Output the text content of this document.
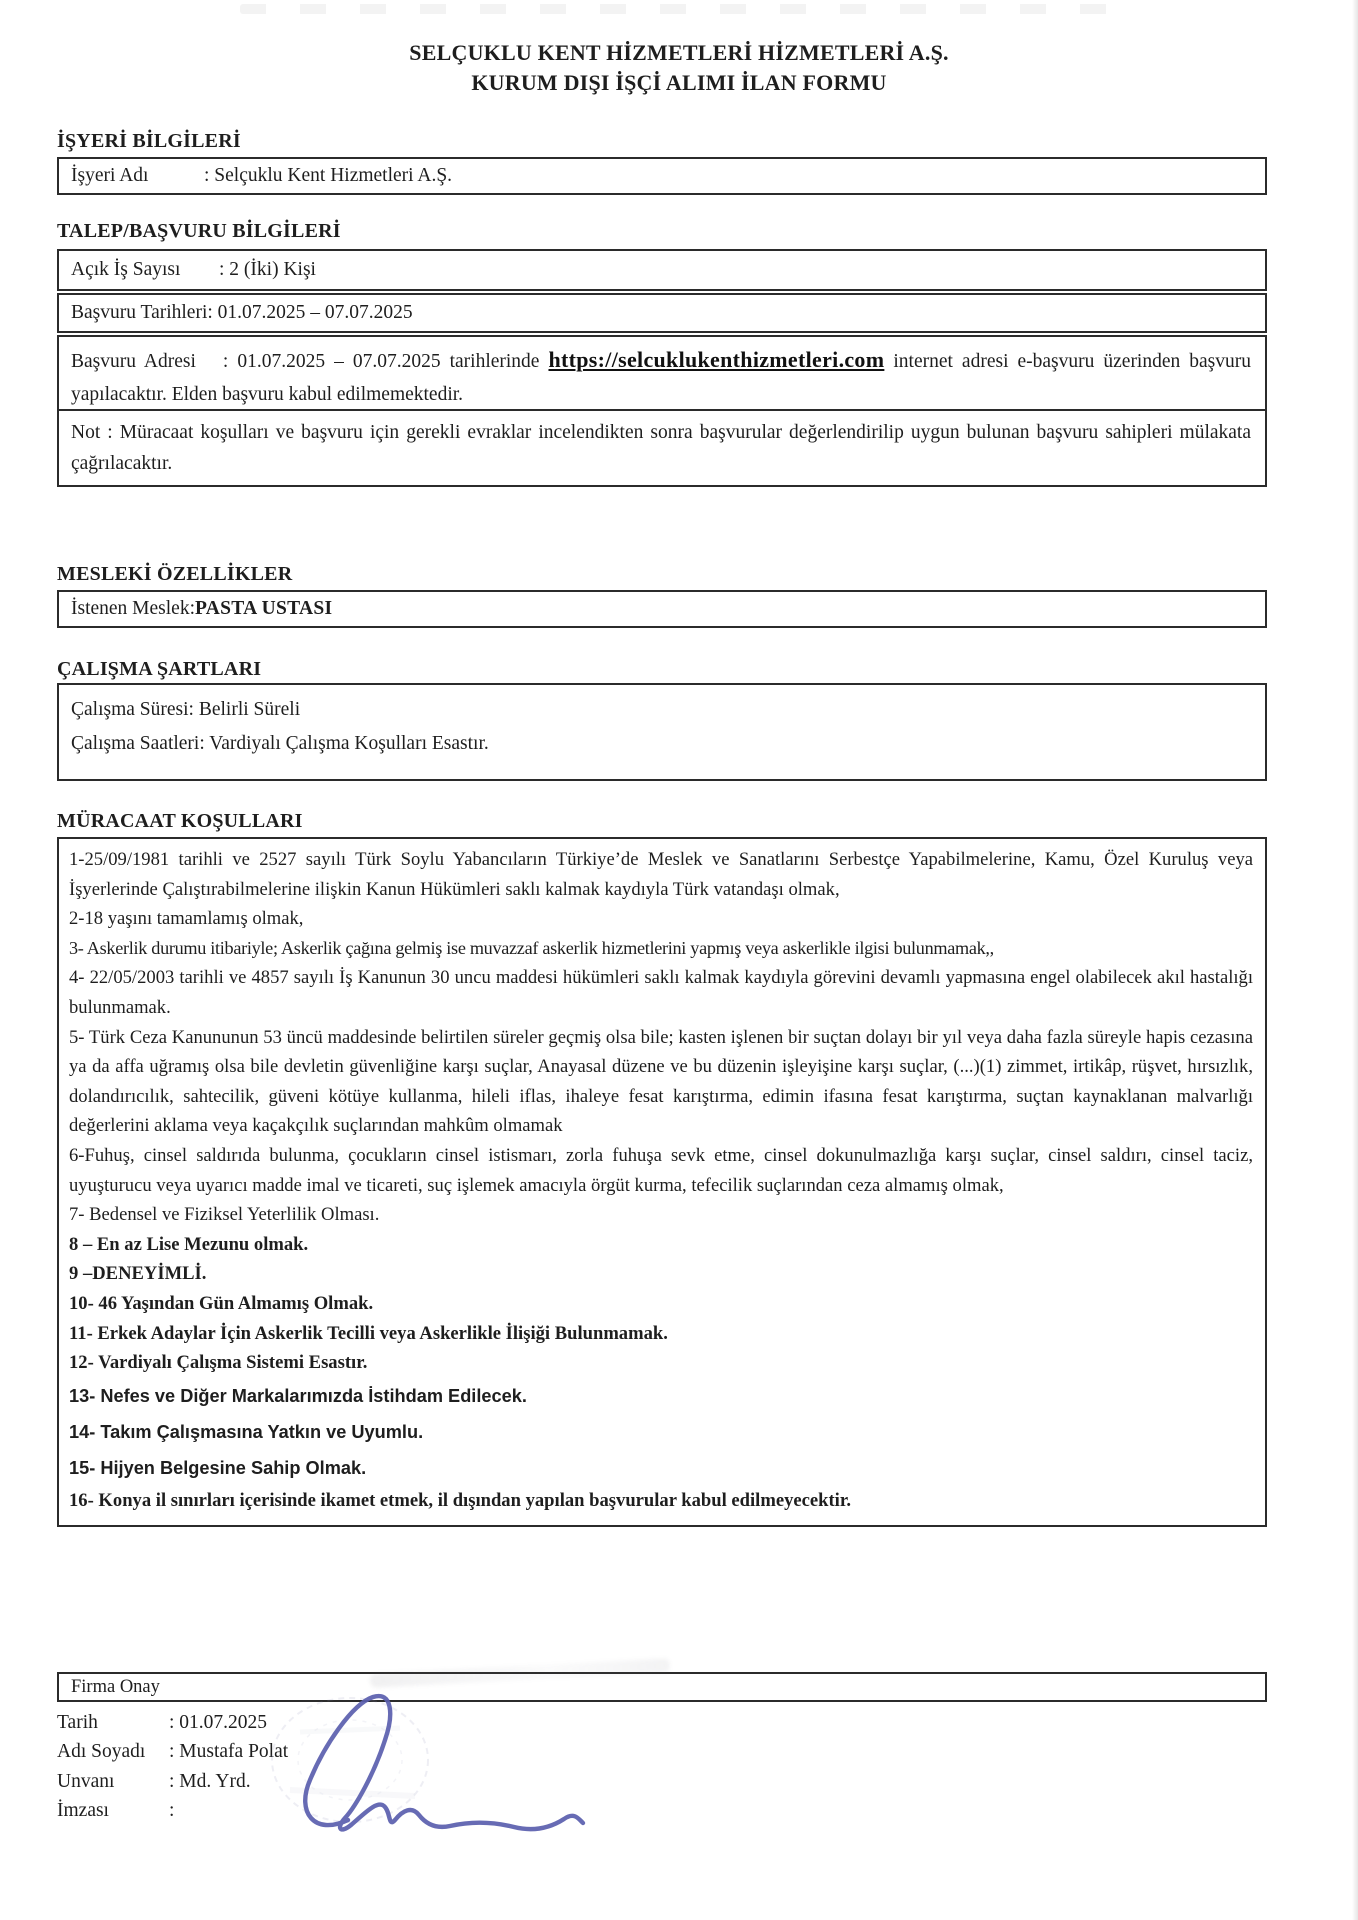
SELÇUKLU KENT HİZMETLERİ HİZMETLERİ A.Ş.
KURUM DIŞI İŞÇİ ALIMI İLAN FORMU
İŞYERİ BİLGİLERİ
İşyeri Adı	: Selçuklu Kent Hizmetleri A.Ş.
TALEP/BAŞVURU BİLGİLERİ
Açık İş Sayısı	: 2 (İki) Kişi
Başvuru Tarihleri: 01.07.2025 – 07.07.2025
Başvuru Adresi   : 01.07.2025 – 07.07.2025 tarihlerinde https://selcuklukenthizmetleri.com internet adresi e-başvuru üzerinden başvuru yapılacaktır. Elden başvuru kabul edilmemektedir.
Not : Müracaat koşulları ve başvuru için gerekli evraklar incelendikten sonra başvurular değerlendirilip uygun bulunan başvuru sahipleri mülakata çağrılacaktır.
MESLEKİ ÖZELLİKLER
İstenen Meslek: PASTA USTASI
ÇALIŞMA ŞARTLARI
Çalışma Süresi: Belirli Süreli
Çalışma Saatleri: Vardiyalı Çalışma Koşulları Esastır.
MÜRACAAT KOŞULLARI
1-25/09/1981 tarihli ve 2527 sayılı Türk Soylu Yabancıların Türkiye’de Meslek ve Sanatlarını Serbestçe Yapabilmelerine, Kamu, Özel Kuruluş veya İşyerlerinde Çalıştırabilmelerine ilişkin Kanun Hükümleri saklı kalmak kaydıyla Türk vatandaşı olmak,
2-18 yaşını tamamlamış olmak,
3- Askerlik durumu itibariyle; Askerlik çağına gelmiş ise muvazzaf askerlik hizmetlerini yapmış veya askerlikle ilgisi bulunmamak,,
4- 22/05/2003 tarihli ve 4857 sayılı İş Kanunun 30 uncu maddesi hükümleri saklı kalmak kaydıyla görevini devamlı yapmasına engel olabilecek akıl hastalığı bulunmamak.
5- Türk Ceza Kanununun 53 üncü maddesinde belirtilen süreler geçmiş olsa bile; kasten işlenen bir suçtan dolayı bir yıl veya daha fazla süreyle hapis cezasına ya da affa uğramış olsa bile devletin güvenliğine karşı suçlar, Anayasal düzene ve bu düzenin işleyişine karşı suçlar, (...)(1) zimmet, irtikâp, rüşvet, hırsızlık, dolandırıcılık, sahtecilik, güveni kötüye kullanma, hileli iflas, ihaleye fesat karıştırma, edimin ifasına fesat karıştırma, suçtan kaynaklanan malvarlığı değerlerini aklama veya kaçakçılık suçlarından mahkûm olmamak
6-Fuhuş, cinsel saldırıda bulunma, çocukların cinsel istismarı, zorla fuhuşa sevk etme, cinsel dokunulmazlığa karşı suçlar, cinsel saldırı, cinsel taciz, uyuşturucu veya uyarıcı madde imal ve ticareti, suç işlemek amacıyla örgüt kurma, tefecilik suçlarından ceza almamış olmak,
7- Bedensel ve Fiziksel Yeterlilik Olması.
8 – En az Lise Mezunu olmak.
9 –DENEYİMLİ.
10- 46 Yaşından Gün Almamış Olmak.
11- Erkek Adaylar İçin Askerlik Tecilli veya Askerlikle İlişiği Bulunmamak.
12- Vardiyalı Çalışma Sistemi Esastır.
13- Nefes ve Diğer Markalarımızda İstihdam Edilecek.
14- Takım Çalışmasına Yatkın ve Uyumlu.
15- Hijyen Belgesine Sahip Olmak.
16- Konya il sınırları içerisinde ikamet etmek, il dışından yapılan başvurular kabul edilmeyecektir.
Firma Onay
Tarih	: 01.07.2025
Adı Soyadı	: Mustafa Polat
Unvanı	: Md. Yrd.
İmzası	:
